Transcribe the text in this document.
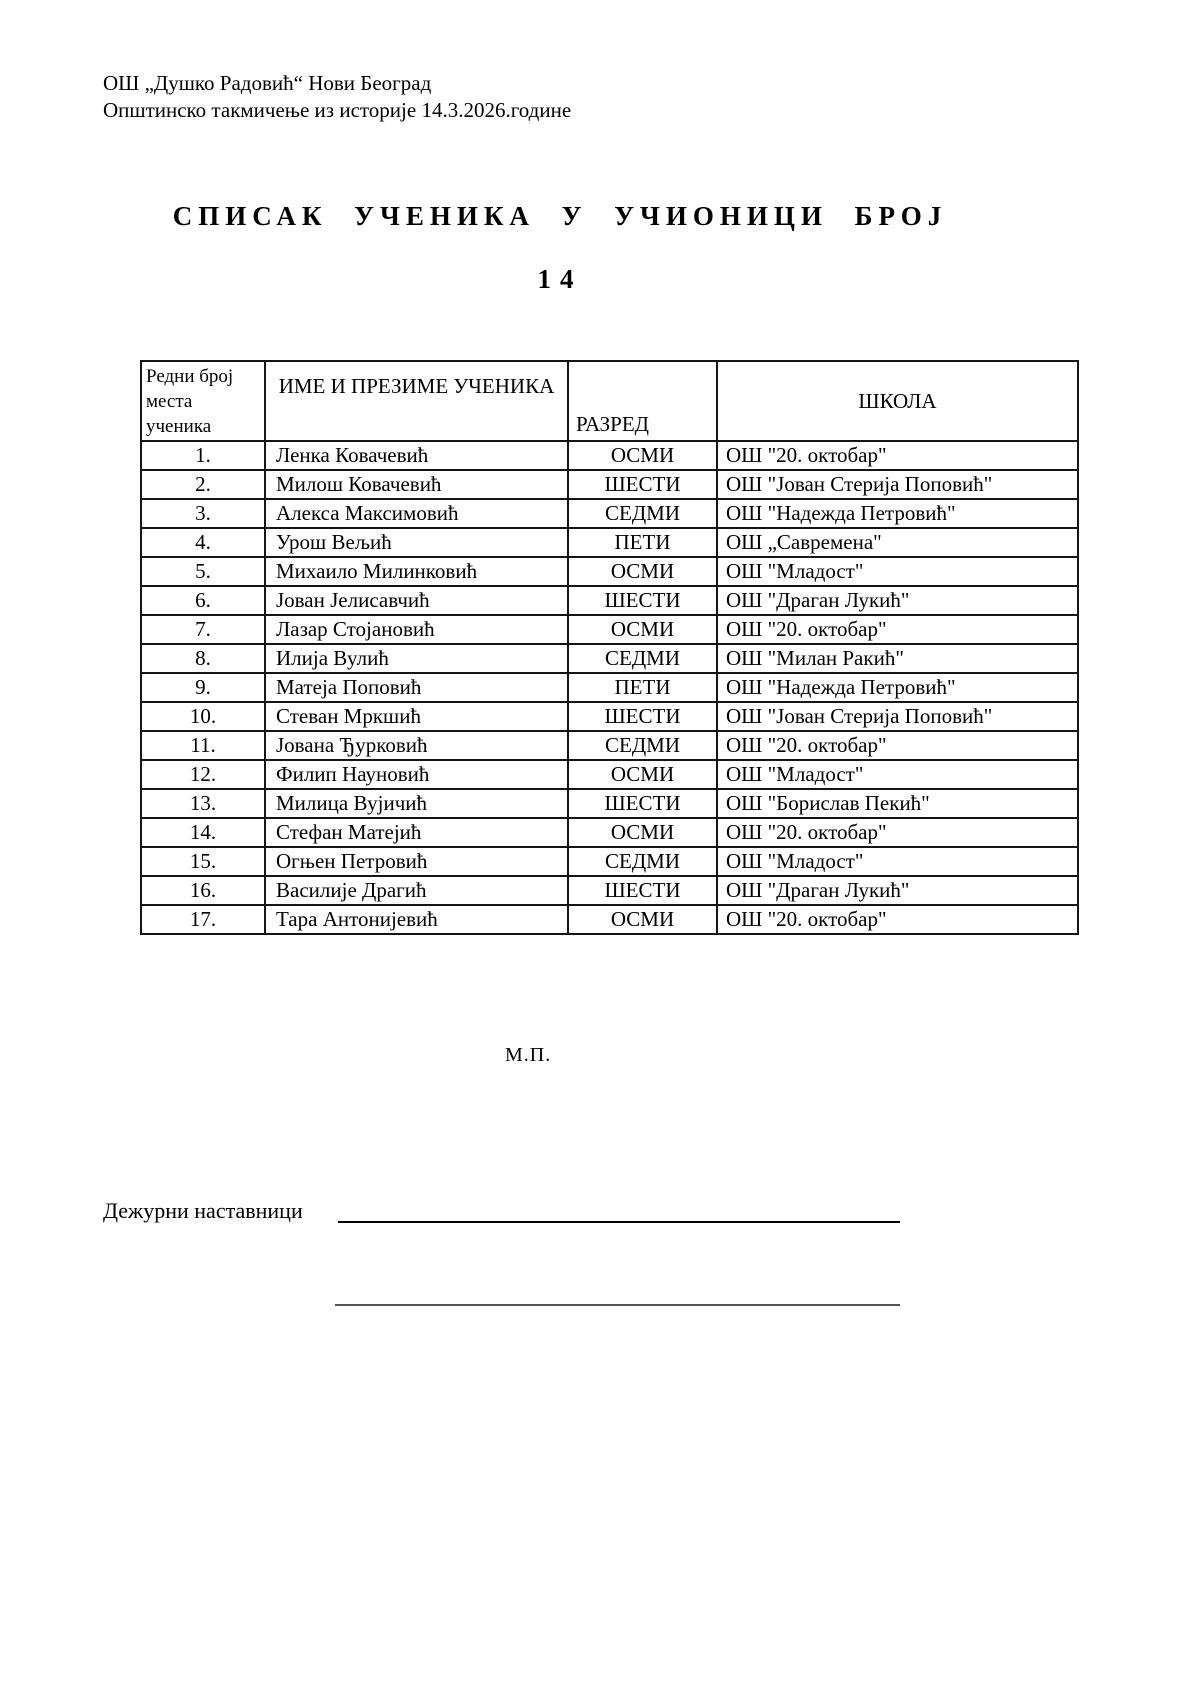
ОШ „Душко Радовић“ Нови Београд
Општинско такмичење из историје 14.3.2026.године
СПИСАК УЧЕНИКА У УЧИОНИЦИ БРОЈ
14
Редни број места ученика	ИМЕ И ПРЕЗИМЕ УЧЕНИКА	РАЗРЕД	ШКОЛА
1.	Ленка Ковачевић	ОСМИ	ОШ "20. октобар"
2.	Милош Ковачевић	ШЕСТИ	ОШ "Јован Стерија Поповић"
3.	Алекса Максимовић	СЕДМИ	ОШ "Надежда Петровић"
4.	Урош Вељић	ПЕТИ	ОШ „Савремена"
5.	Михаило Милинковић	ОСМИ	ОШ "Младост"
6.	Јован Јелисавчић	ШЕСТИ	ОШ "Драган Лукић"
7.	Лазар Стојановић	ОСМИ	ОШ "20. октобар"
8.	Илија Вулић	СЕДМИ	ОШ "Милан Ракић"
9.	Матеја Поповић	ПЕТИ	ОШ "Надежда Петровић"
10.	Стеван Мркшић	ШЕСТИ	ОШ "Јован Стерија Поповић"
11.	Јована Ђурковић	СЕДМИ	ОШ "20. октобар"
12.	Филип Науновић	ОСМИ	ОШ "Младост"
13.	Милица Вујичић	ШЕСТИ	ОШ "Борислав Пекић"
14.	Стефан Матејић	ОСМИ	ОШ "20. октобар"
15.	Огњен Петровић	СЕДМИ	ОШ "Младост"
16.	Василије Драгић	ШЕСТИ	ОШ "Драган Лукић"
17.	Тара Антонијевић	ОСМИ	ОШ "20. октобар"
М.П.
Дежурни наставници
